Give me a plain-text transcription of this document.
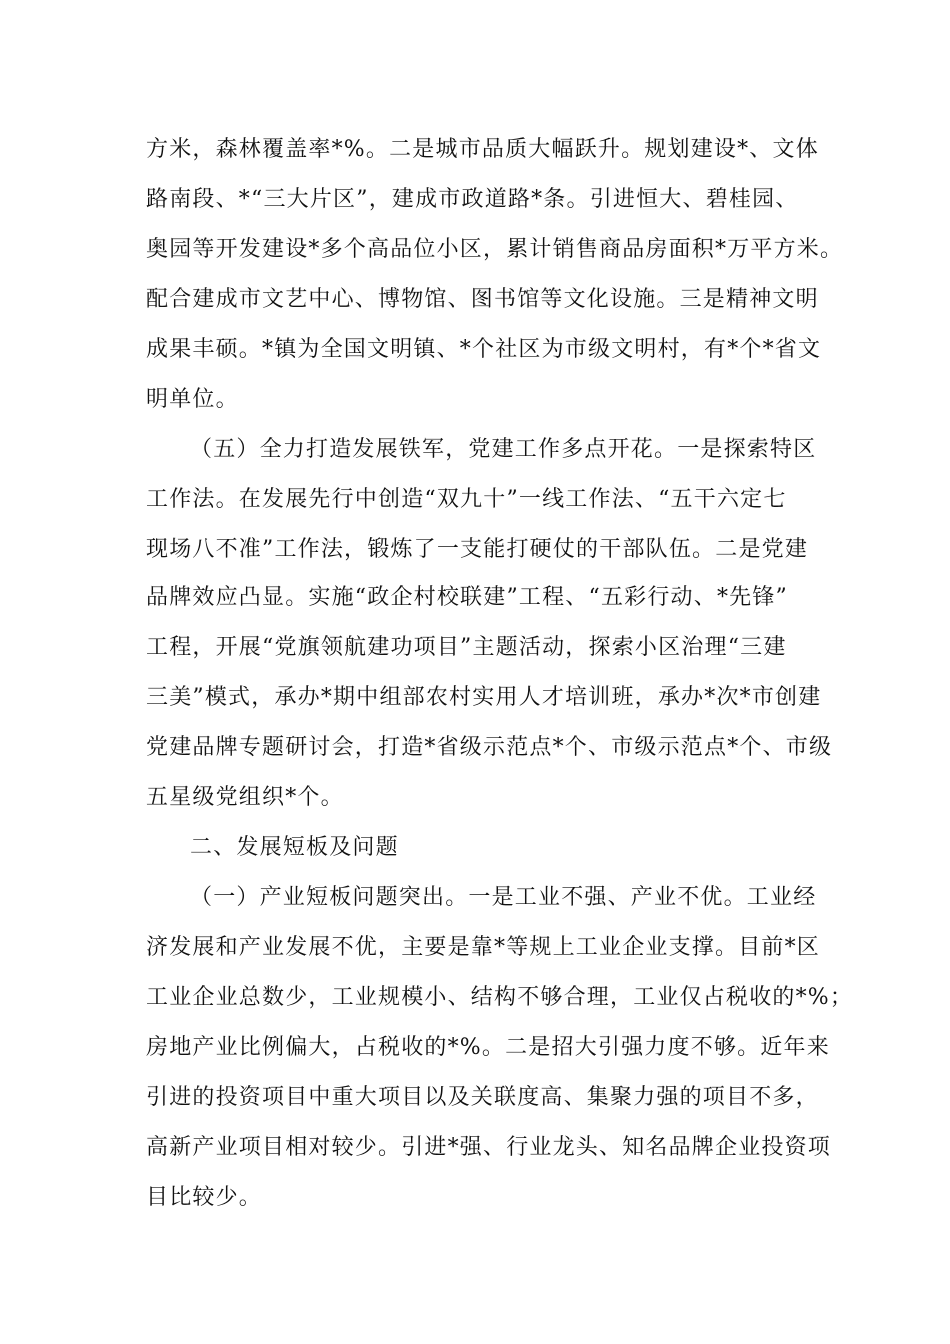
方米，森林覆盖率*%。二是城市品质大幅跃升。规划建设*、文体
路南段、*“三大片区”，建成市政道路*条。引进恒大、碧桂园、
奥园等开发建设*多个高品位小区，累计销售商品房面积*万平方米。
配合建成市文艺中心、博物馆、图书馆等文化设施。三是精神文明
成果丰硕。*镇为全国文明镇、*个社区为市级文明村，有*个*省文
明单位。
（五）全力打造发展铁军，党建工作多点开花。一是探索特区
工作法。在发展先行中创造“双九十”一线工作法、“五干六定七
现场八不准”工作法，锻炼了一支能打硬仗的干部队伍。二是党建
品牌效应凸显。实施“政企村校联建”工程、“五彩行动、*先锋”
工程，开展“党旗领航建功项目”主题活动，探索小区治理“三建
三美”模式，承办*期中组部农村实用人才培训班，承办*次*市创建
党建品牌专题研讨会，打造*省级示范点*个、市级示范点*个、市级
五星级党组织*个。
二、发展短板及问题
（一）产业短板问题突出。一是工业不强、产业不优。工业经
济发展和产业发展不优，主要是靠*等规上工业企业支撑。目前*区
工业企业总数少，工业规模小、结构不够合理，工业仅占税收的*%；
房地产业比例偏大，占税收的*%。二是招大引强力度不够。近年来
引进的投资项目中重大项目以及关联度高、集聚力强的项目不多，
高新产业项目相对较少。引进*强、行业龙头、知名品牌企业投资项
目比较少。
